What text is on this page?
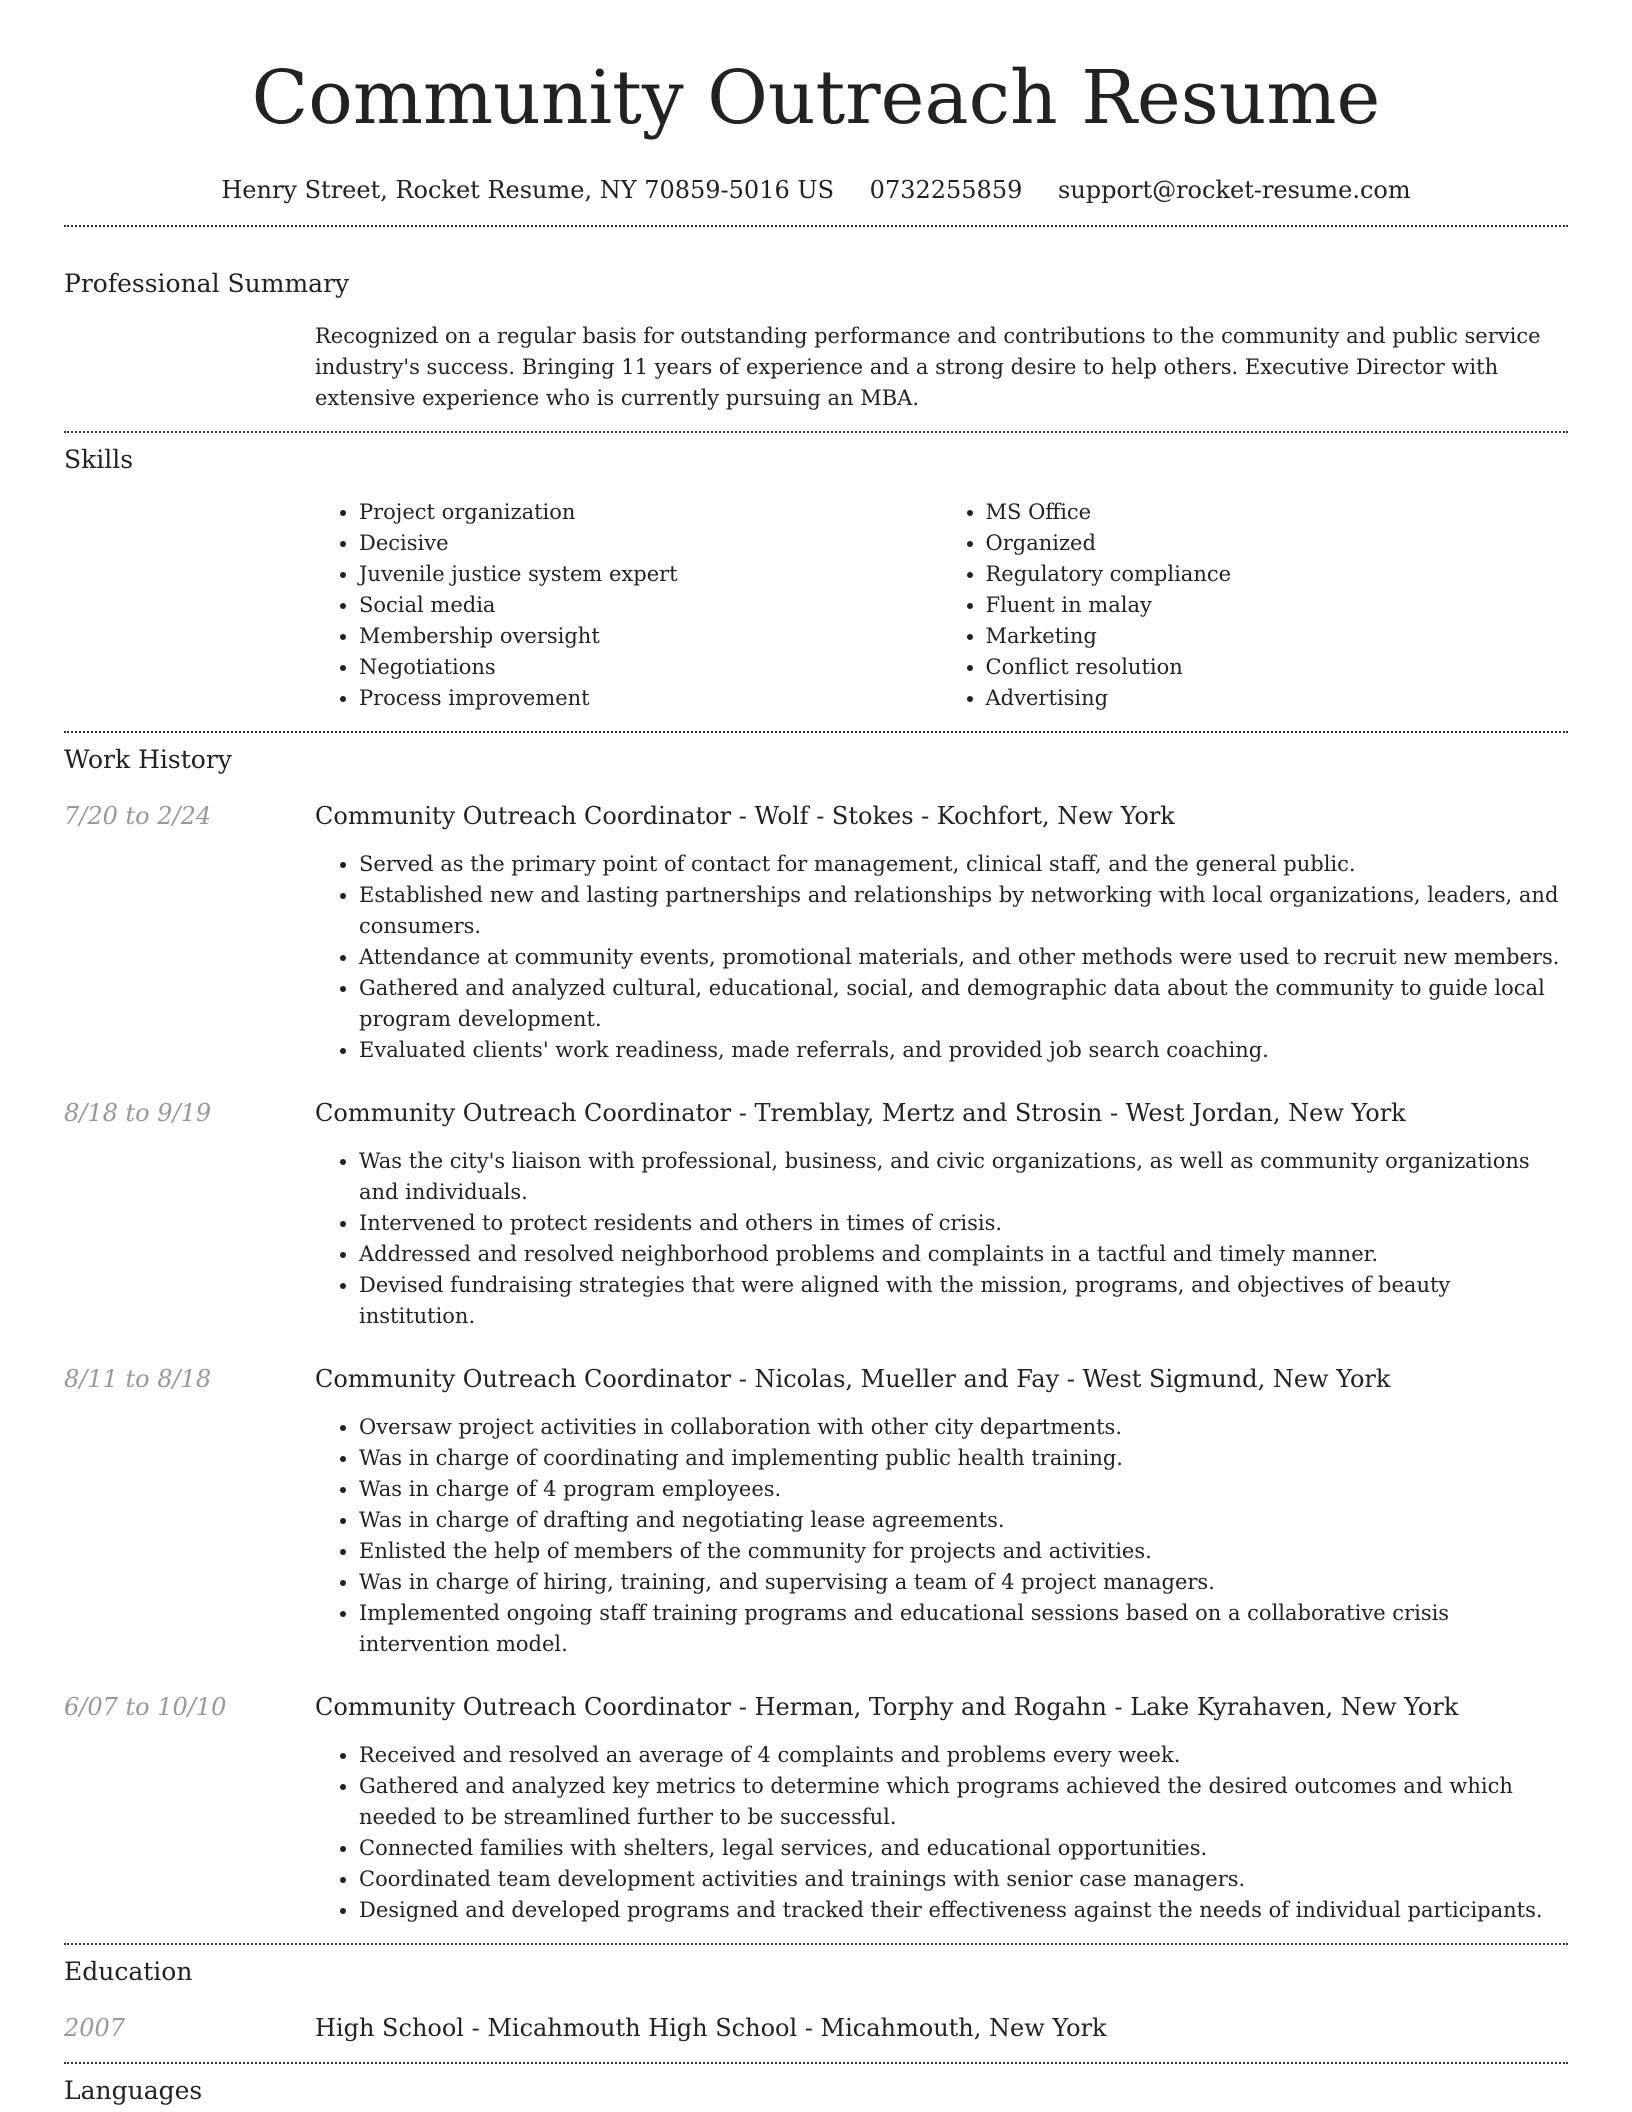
Community Outreach Resume
Henry Street, Rocket Resume, NY 70859-5016 US 0732255859 support@rocket-resume.com
Professional Summary
Recognized on a regular basis for outstanding performance and contributions to the community and public service industry's success. Bringing 11 years of experience and a strong desire to help others. Executive Director with extensive experience who is currently pursuing an MBA.
Skills
• Project organization
• Decisive
• Juvenile justice system expert
• Social media
• Membership oversight
• Negotiations
• Process improvement
• MS Office
• Organized
• Regulatory compliance
• Fluent in malay
• Marketing
• Conflict resolution
• Advertising
Work History
7/20 to 2/24	Community Outreach Coordinator - Wolf - Stokes - Kochfort, New York
• Served as the primary point of contact for management, clinical staff, and the general public.
• Established new and lasting partnerships and relationships by networking with local organizations, leaders, and consumers.
• Attendance at community events, promotional materials, and other methods were used to recruit new members.
• Gathered and analyzed cultural, educational, social, and demographic data about the community to guide local program development.
• Evaluated clients' work readiness, made referrals, and provided job search coaching.
8/18 to 9/19	Community Outreach Coordinator - Tremblay, Mertz and Strosin - West Jordan, New York
• Was the city's liaison with professional, business, and civic organizations, as well as community organizations and individuals.
• Intervened to protect residents and others in times of crisis.
• Addressed and resolved neighborhood problems and complaints in a tactful and timely manner.
• Devised fundraising strategies that were aligned with the mission, programs, and objectives of beauty institution.
8/11 to 8/18	Community Outreach Coordinator - Nicolas, Mueller and Fay - West Sigmund, New York
• Oversaw project activities in collaboration with other city departments.
• Was in charge of coordinating and implementing public health training.
• Was in charge of 4 program employees.
• Was in charge of drafting and negotiating lease agreements.
• Enlisted the help of members of the community for projects and activities.
• Was in charge of hiring, training, and supervising a team of 4 project managers.
• Implemented ongoing staff training programs and educational sessions based on a collaborative crisis intervention model.
6/07 to 10/10	Community Outreach Coordinator - Herman, Torphy and Rogahn - Lake Kyrahaven, New York
• Received and resolved an average of 4 complaints and problems every week.
• Gathered and analyzed key metrics to determine which programs achieved the desired outcomes and which needed to be streamlined further to be successful.
• Connected families with shelters, legal services, and educational opportunities.
• Coordinated team development activities and trainings with senior case managers.
• Designed and developed programs and tracked their effectiveness against the needs of individual participants.
Education
2007	High School - Micahmouth High School - Micahmouth, New York
Languages
